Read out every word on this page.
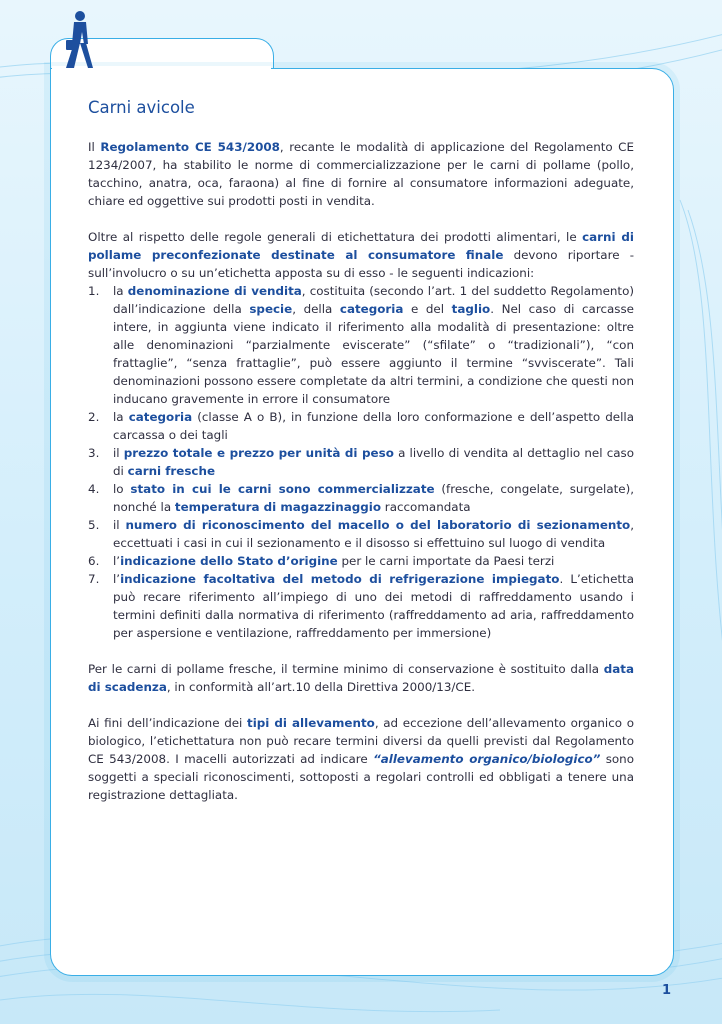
Carni avicole

Il Regolamento CE 543/2008, recante le modalità di applicazione del Regolamento CE 1234/2007, ha stabilito le norme di commercializzazione per le carni di pollame (pollo, tacchino, anatra, oca, faraona) al fine di fornire al consumatore informazioni adeguate, chiare ed oggettive sui prodotti posti in vendita.

Oltre al rispetto delle regole generali di etichettatura dei prodotti alimentari, le carni di pollame preconfezionate destinate al consumatore finale devono riportare - sull’involucro o su un’etichetta apposta su di esso - le seguenti indicazioni:

1. la denominazione di vendita, costituita (secondo l’art. 1 del suddetto Regolamento) dall’indicazione della specie, della categoria e del taglio. Nel caso di carcasse intere, in aggiunta viene indicato il riferimento alla modalità di presentazione: oltre alle denominazioni “parzialmente eviscerate” (“sfilate” o “tradizionali”), “con frattaglie”, “senza frattaglie”, può essere aggiunto il termine “svviscerate”. Tali denominazioni possono essere completate da altri termini, a condizione che questi non inducano gravemente in errore il consumatore
2. la categoria (classe A o B), in funzione della loro conformazione e dell’aspetto della carcassa o dei tagli
3. il prezzo totale e prezzo per unità di peso a livello di vendita al dettaglio nel caso di carni fresche
4. lo stato in cui le carni sono commercializzate (fresche, congelate, surgelate), nonché la temperatura di magazzinaggio raccomandata
5. il numero di riconoscimento del macello o del laboratorio di sezionamento, eccettuati i casi in cui il sezionamento e il disosso si effettuino sul luogo di vendita
6. l’indicazione dello Stato d’origine per le carni importate da Paesi terzi
7. l’indicazione facoltativa del metodo di refrigerazione impiegato. L’etichetta può recare riferimento all’impiego di uno dei metodi di raffreddamento usando i termini definiti dalla normativa di riferimento (raffreddamento ad aria, raffreddamento per aspersione e ventilazione, raffreddamento per immersione)

Per le carni di pollame fresche, il termine minimo di conservazione è sostituito dalla data di scadenza, in conformità all’art.10 della Direttiva 2000/13/CE.

Ai fini dell’indicazione dei tipi di allevamento, ad eccezione dell’allevamento organico o biologico, l’etichettatura non può recare termini diversi da quelli previsti dal Regolamento CE 543/2008. I macelli autorizzati ad indicare “allevamento organico/biologico” sono soggetti a speciali riconoscimenti, sottoposti a regolari controlli ed obbligati a tenere una registrazione dettagliata.

1
